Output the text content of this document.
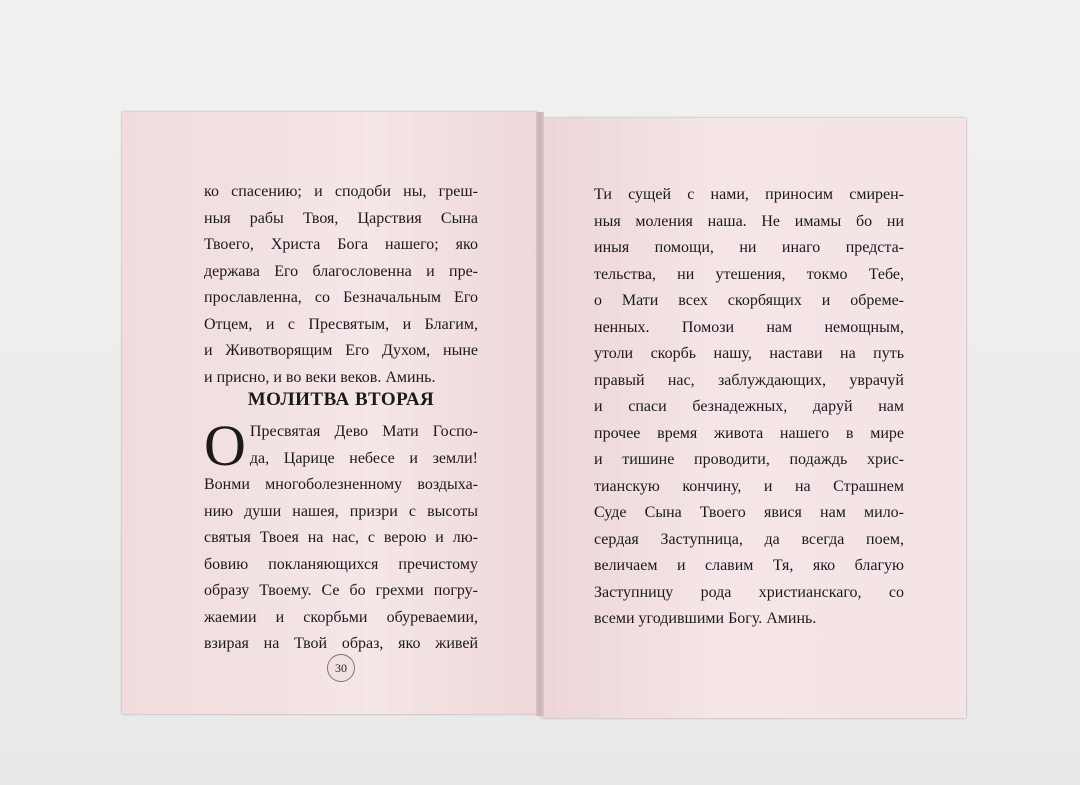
ко спасению; и сподоби ны, греш-
ныя рабы Твоя, Царствия Сына
Твоего, Христа Бога нашего; яко
держава Его благословенна и пре-
прославленна, со Безначальным Его
Отцем, и с Пресвятым, и Благим,
и Животворящим Его Духом, ныне
и присно, и во веки веков. Аминь.
МОЛИТВА ВТОРАЯ
О Пресвятая Дево Мати Госпо-
да, Царице небесе и земли!
Вонми многоболезненному воздыха-
нию души нашея, призри с высоты
святыя Твоея на нас, с верою и лю-
бовию покланяющихся пречистому
образу Твоему. Се бо грехми погру-
жаемии и скорбьми обуреваемии,
взирая на Твой образ, яко живей
30
Ти сущей с нами, приносим смирен-
ныя моления наша. Не имамы бо ни
иныя помощи, ни инаго предста-
тельства, ни утешения, токмо Тебе,
о Мати всех скорбящих и обреме-
ненных. Помози нам немощным,
утоли скорбь нашу, настави на путь
правый нас, заблуждающих, уврачуй
и спаси безнадежных, даруй нам
прочее время живота нашего в мире
и тишине проводити, подаждь хрис-
тианскую кончину, и на Страшнем
Суде Сына Твоего явися нам мило-
сердая Заступница, да всегда поем,
величаем и славим Тя, яко благую
Заступницу рода христианскаго, со
всеми угодившими Богу. Аминь.
